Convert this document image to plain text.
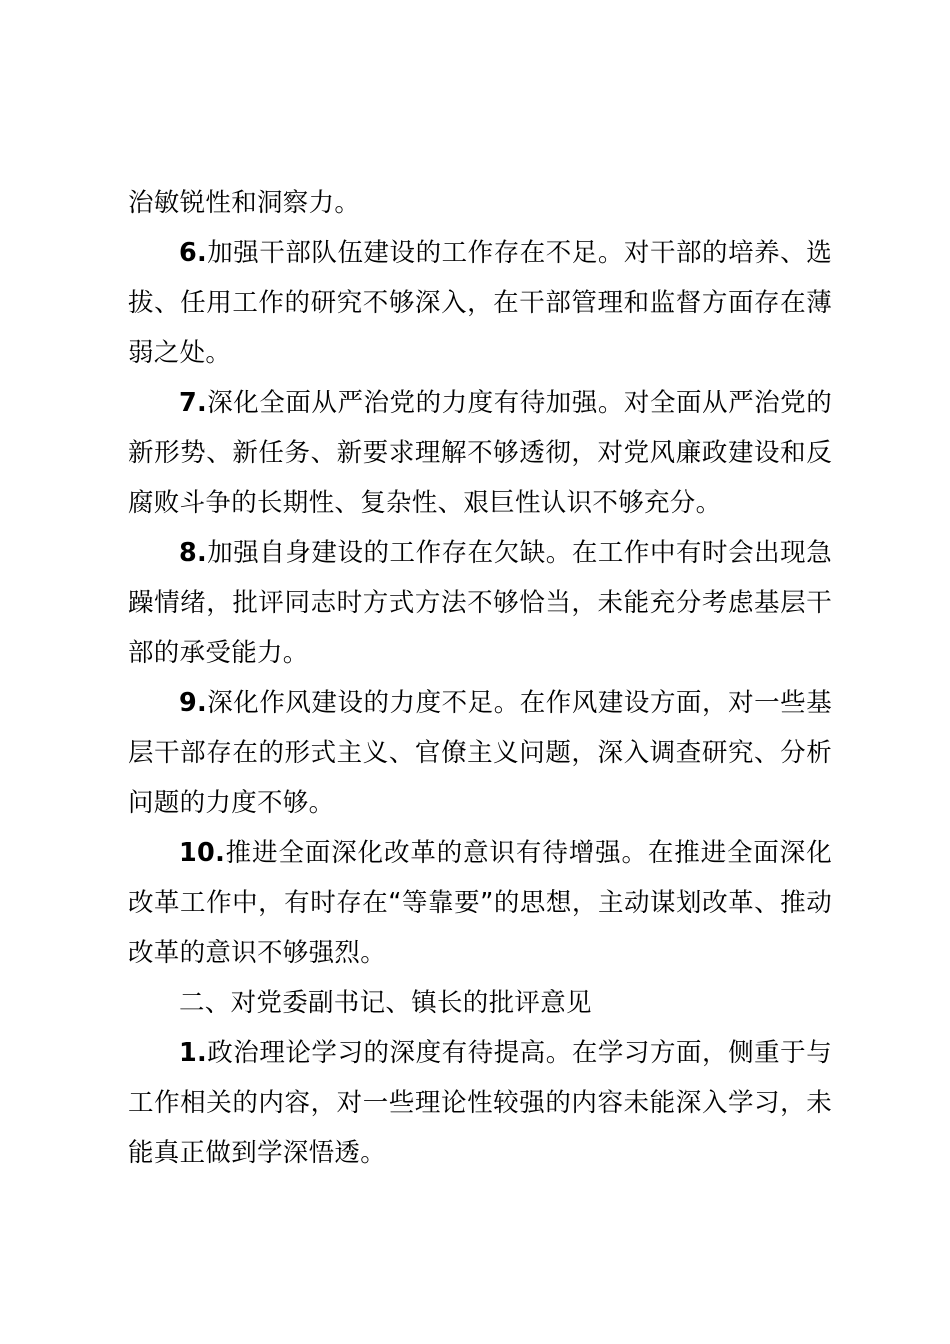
治敏锐性和洞察力。

6.加强干部队伍建设的工作存在不足。对干部的培养、选拔、任用工作的研究不够深入，在干部管理和监督方面存在薄弱之处。

7.深化全面从严治党的力度有待加强。对全面从严治党的新形势、新任务、新要求理解不够透彻，对党风廉政建设和反腐败斗争的长期性、复杂性、艰巨性认识不够充分。

8.加强自身建设的工作存在欠缺。在工作中有时会出现急躁情绪，批评同志时方式方法不够恰当，未能充分考虑基层干部的承受能力。

9.深化作风建设的力度不足。在作风建设方面，对一些基层干部存在的形式主义、官僚主义问题，深入调查研究、分析问题的力度不够。

10.推进全面深化改革的意识有待增强。在推进全面深化改革工作中，有时存在“等靠要”的思想，主动谋划改革、推动改革的意识不够强烈。

二、对党委副书记、镇长的批评意见

1.政治理论学习的深度有待提高。在学习方面，侧重于与工作相关的内容，对一些理论性较强的内容未能深入学习，未能真正做到学深悟透。
